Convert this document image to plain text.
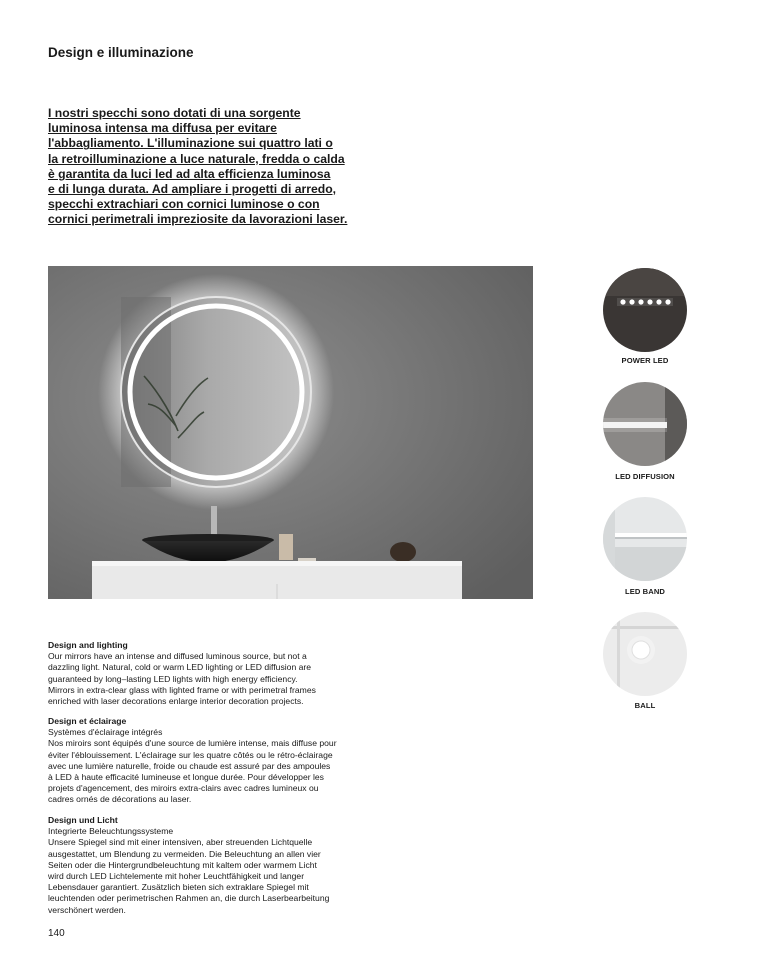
Design e illuminazione
I nostri specchi sono dotati di una sorgente
luminosa intensa ma diffusa per evitare
l'abbagliamento. L'illuminazione sui quattro lati o
la retroilluminazione a luce naturale, fredda o calda
è garantita da luci led ad alta efficienza luminosa
e di lunga durata. Ad ampliare i progetti di arredo,
specchi extrachiari con cornici luminose o con
cornici perimetrali impreziosite da lavorazioni laser.
POWER LED
LED DIFFUSION
LED BAND
BALL
Design and lighting
Our mirrors have an intense and diffused luminous source, but not a
dazzling light. Natural, cold or warm LED lighting or LED diffusion are
guaranteed by long–lasting LED lights with high energy efficiency.
Mirrors in extra-clear glass with lighted frame or with perimetral frames
enriched with laser decorations enlarge interior decoration projects.
Design et éclairage
Systèmes d'éclairage intégrés
Nos miroirs sont équipés d'une source de lumière intense, mais diffuse pour
éviter l'éblouissement. L'éclairage sur les quatre côtés ou le rétro-éclairage
avec une lumière naturelle, froide ou chaude est assuré par des ampoules
à LED à haute efficacité lumineuse et longue durée. Pour développer les
projets d'agencement, des miroirs extra-clairs avec cadres lumineux ou
cadres ornés de décorations au laser.
Design und Licht
Integrierte Beleuchtungssysteme
Unsere Spiegel sind mit einer intensiven, aber streuenden Lichtquelle
ausgestattet, um Blendung zu vermeiden. Die Beleuchtung an allen vier
Seiten oder die Hintergrundbeleuchtung mit kaltem oder warmem Licht
wird durch LED Lichtelemente mit hoher Leuchtfähigkeit und langer
Lebensdauer garantiert. Zusätzlich bieten sich extraklare Spiegel mit
leuchtenden oder perimetrischen Rahmen an, die durch Laserbearbeitung
verschönert werden.
140
